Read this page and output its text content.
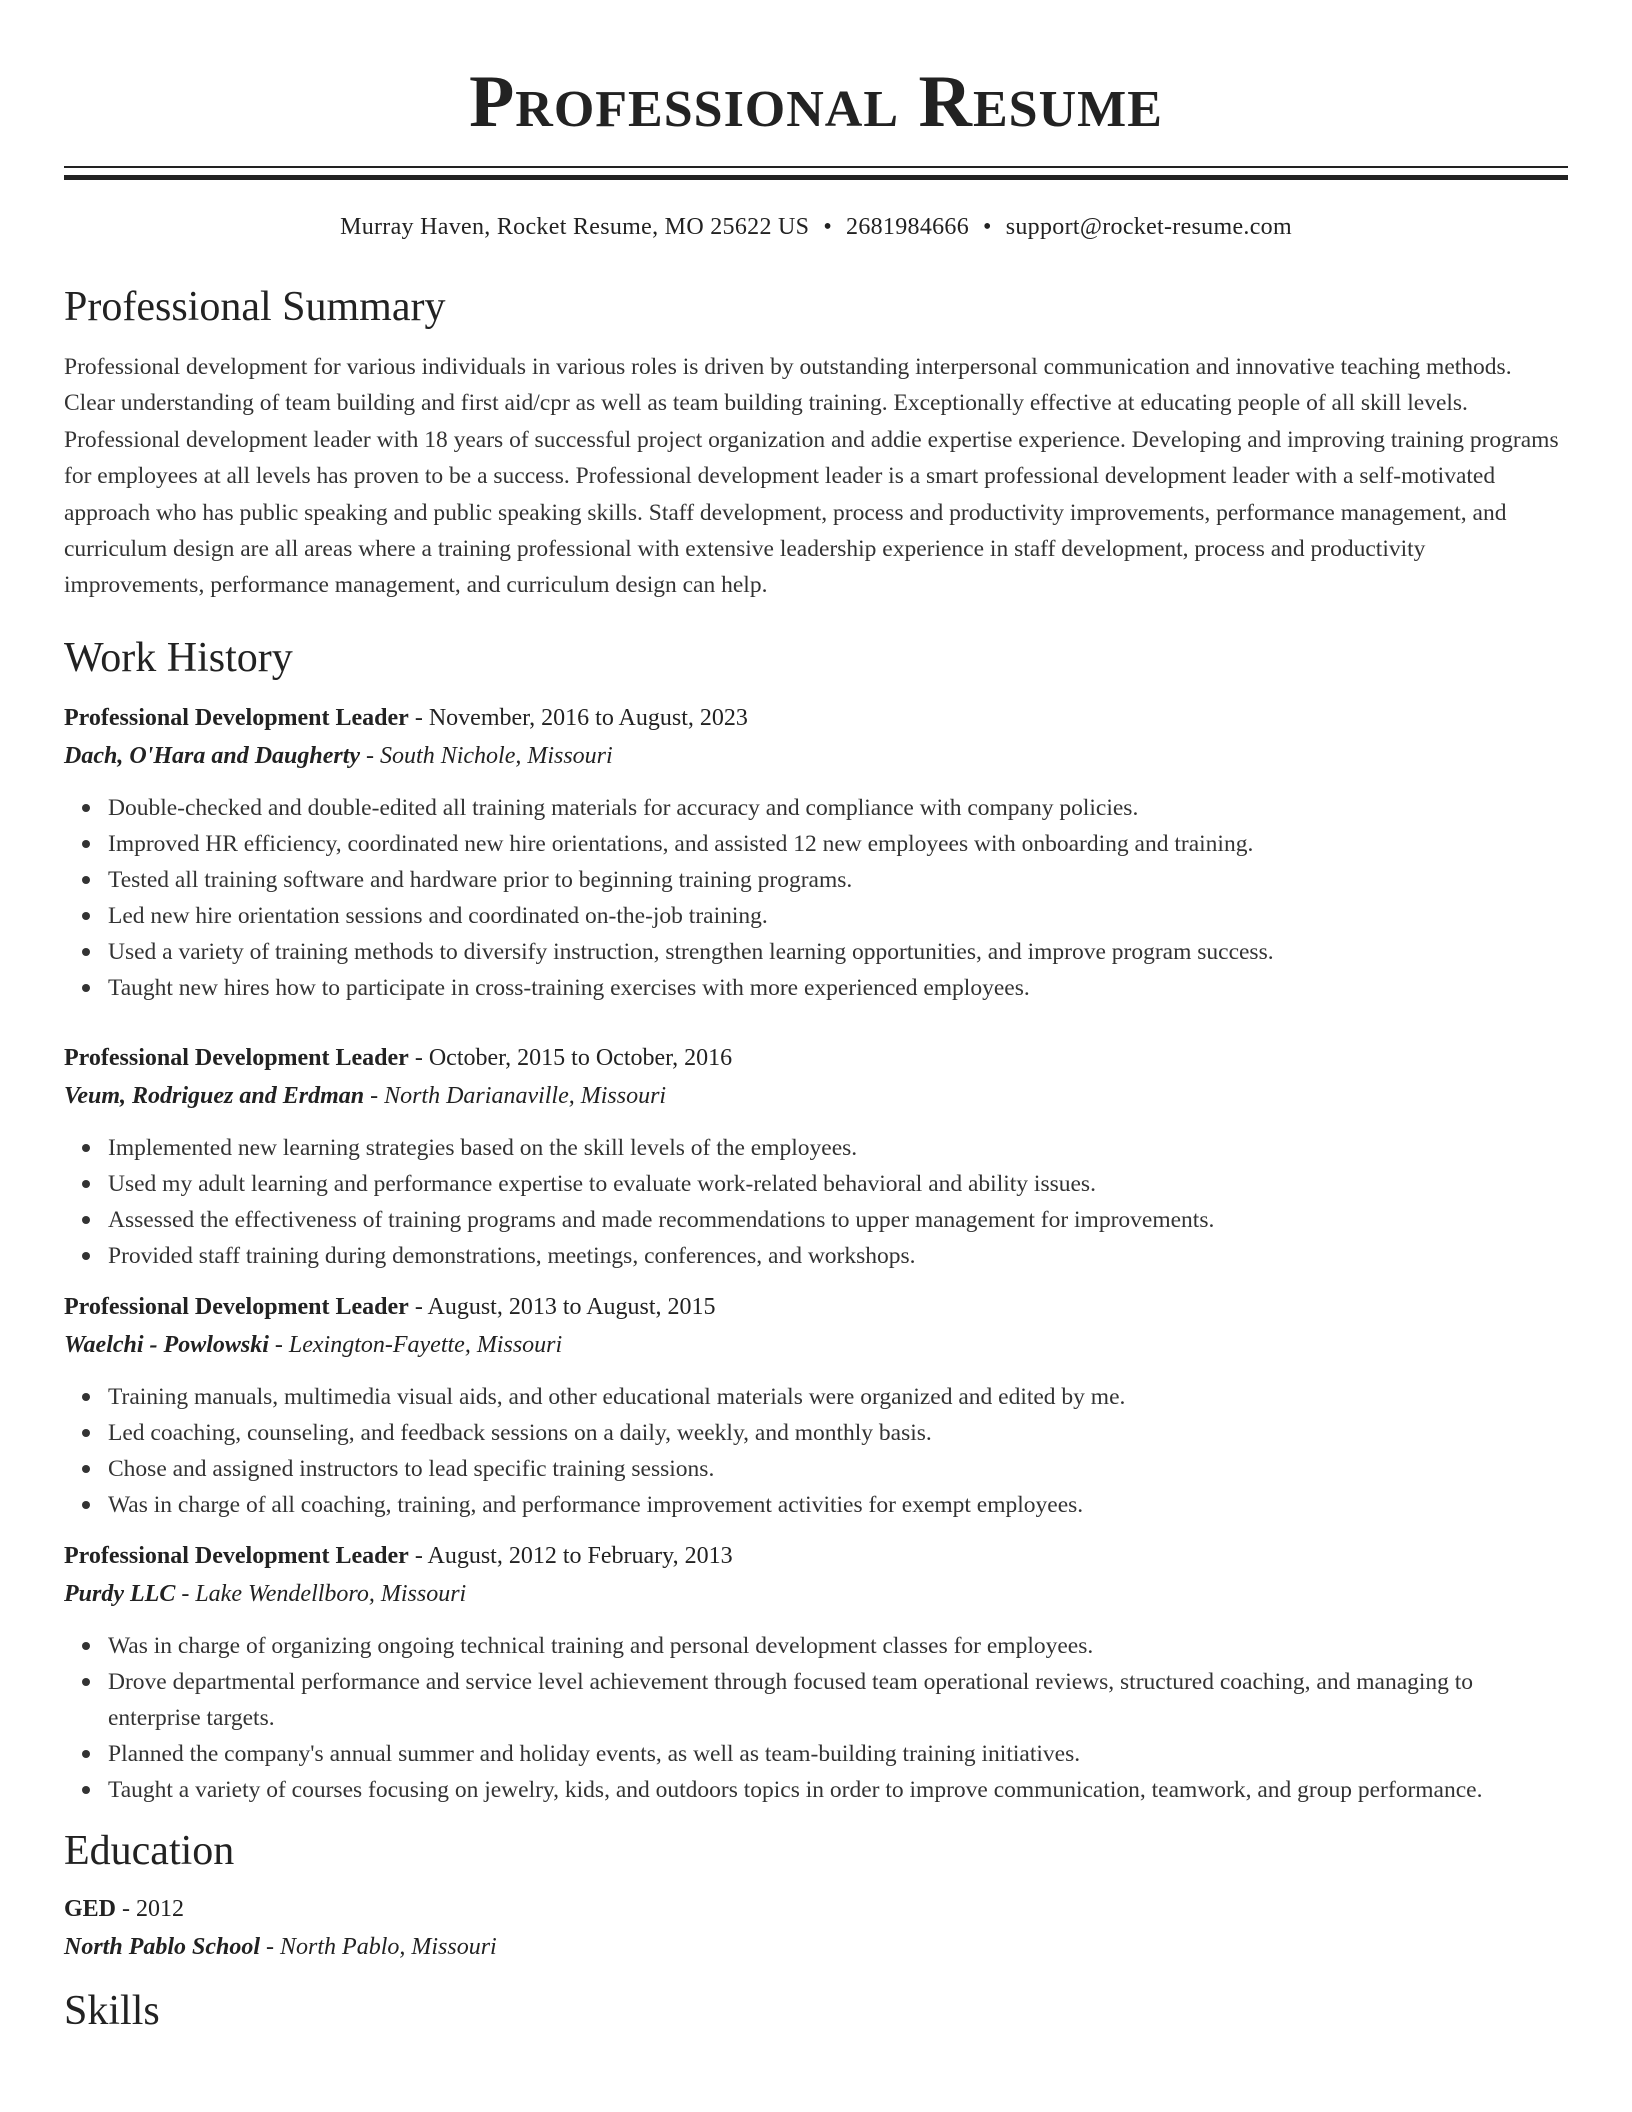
Professional Resume
Murray Haven, Rocket Resume, MO 25622 US • 2681984666 • support@rocket-resume.com
Professional Summary
Professional development for various individuals in various roles is driven by outstanding interpersonal communication and innovative teaching methods. Clear understanding of team building and first aid/cpr as well as team building training. Exceptionally effective at educating people of all skill levels. Professional development leader with 18 years of successful project organization and addie expertise experience. Developing and improving training programs for employees at all levels has proven to be a success. Professional development leader is a smart professional development leader with a self-motivated approach who has public speaking and public speaking skills. Staff development, process and productivity improvements, performance management, and curriculum design are all areas where a training professional with extensive leadership experience in staff development, process and productivity improvements, performance management, and curriculum design can help.
Work History
Professional Development Leader - November, 2016 to August, 2023
Dach, O'Hara and Daugherty - South Nichole, Missouri
Double-checked and double-edited all training materials for accuracy and compliance with company policies.
Improved HR efficiency, coordinated new hire orientations, and assisted 12 new employees with onboarding and training.
Tested all training software and hardware prior to beginning training programs.
Led new hire orientation sessions and coordinated on-the-job training.
Used a variety of training methods to diversify instruction, strengthen learning opportunities, and improve program success.
Taught new hires how to participate in cross-training exercises with more experienced employees.
Professional Development Leader - October, 2015 to October, 2016
Veum, Rodriguez and Erdman - North Darianaville, Missouri
Implemented new learning strategies based on the skill levels of the employees.
Used my adult learning and performance expertise to evaluate work-related behavioral and ability issues.
Assessed the effectiveness of training programs and made recommendations to upper management for improvements.
Provided staff training during demonstrations, meetings, conferences, and workshops.
Professional Development Leader - August, 2013 to August, 2015
Waelchi - Powlowski - Lexington-Fayette, Missouri
Training manuals, multimedia visual aids, and other educational materials were organized and edited by me.
Led coaching, counseling, and feedback sessions on a daily, weekly, and monthly basis.
Chose and assigned instructors to lead specific training sessions.
Was in charge of all coaching, training, and performance improvement activities for exempt employees.
Professional Development Leader - August, 2012 to February, 2013
Purdy LLC - Lake Wendellboro, Missouri
Was in charge of organizing ongoing technical training and personal development classes for employees.
Drove departmental performance and service level achievement through focused team operational reviews, structured coaching, and managing to enterprise targets.
Planned the company's annual summer and holiday events, as well as team-building training initiatives.
Taught a variety of courses focusing on jewelry, kids, and outdoors topics in order to improve communication, teamwork, and group performance.
Education
GED - 2012
North Pablo School - North Pablo, Missouri
Skills
